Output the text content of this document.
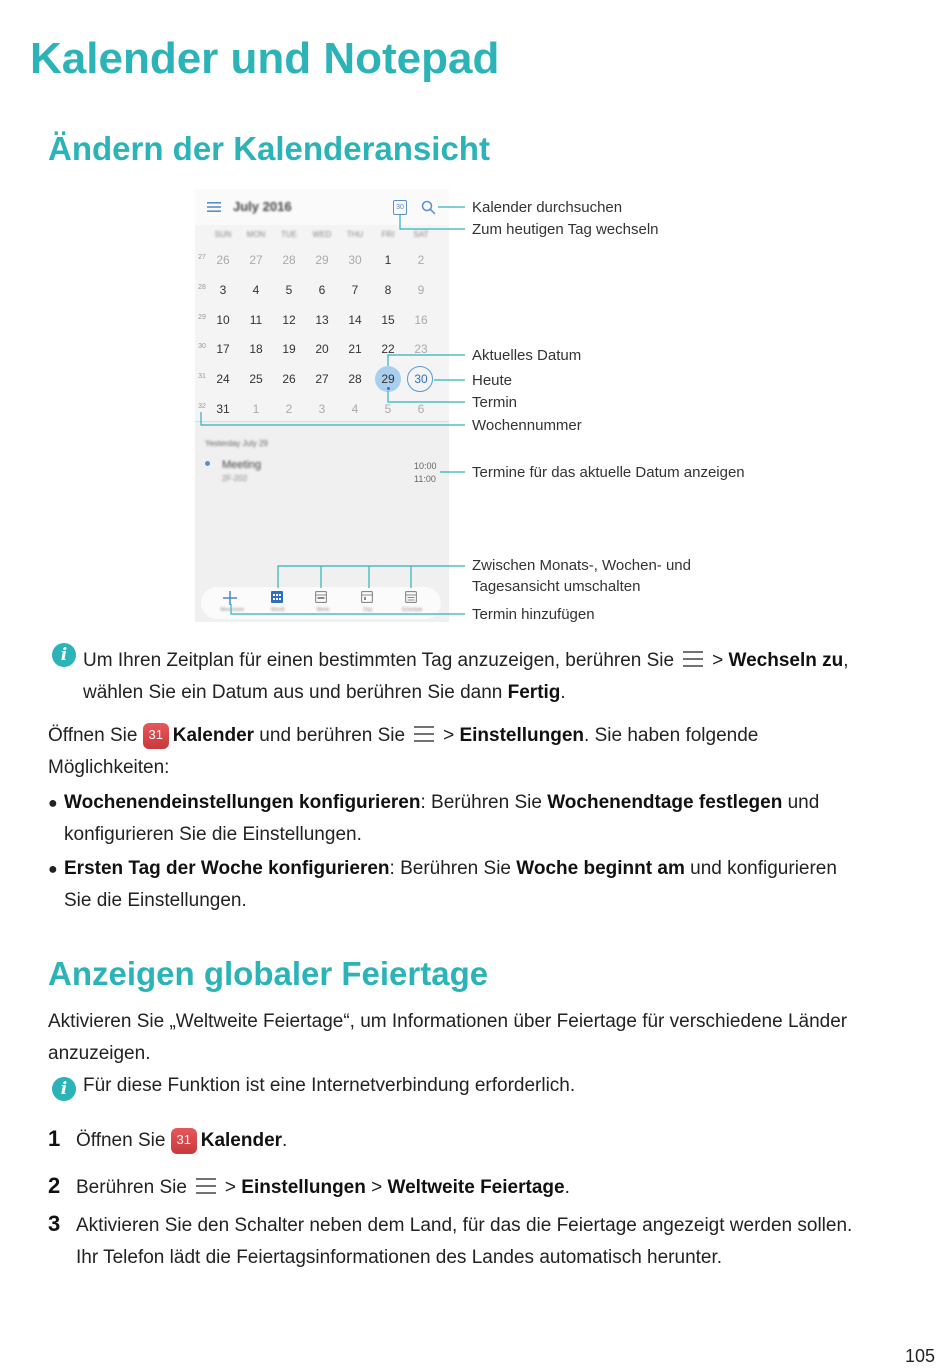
Kalender und Notepad
Ändern der Kalenderansicht
July 2016	30
SUN	MON	TUE	WED	THU	FRI	SAT
27 26	27	28	29	30	1	2
28	3	4	5	6	7	8	9
29 10	11	12	13	14	15	16
30 17	18	19	20	21	22	23
31 24	25	26	27	28	29	30
32 31	1	2	3	4	5	6
Yesterday July 29
Meeting
2F-202
10:00
11:00
New event	Month	Week	Day	Schedule
Kalender durchsuchen
Zum heutigen Tag wechseln
Aktuelles Datum
Heute
Termin
Wochennummer
Termine für das aktuelle Datum anzeigen
Zwischen Monats-, Wochen- und
Tagesansicht umschalten
Termin hinzufügen
i Um Ihren Zeitplan für einen bestimmten Tag anzuzeigen, berühren Sie > Wechseln zu,
wählen Sie ein Datum aus und berühren Sie dann Fertig.
Öffnen Sie 31 Kalender und berühren Sie > Einstellungen. Sie haben folgende
Möglichkeiten:
● Wochenendeinstellungen konfigurieren: Berühren Sie Wochenendtage festlegen und
konfigurieren Sie die Einstellungen.
● Ersten Tag der Woche konfigurieren: Berühren Sie Woche beginnt am und konfigurieren
Sie die Einstellungen.
Anzeigen globaler Feiertage
Aktivieren Sie „Weltweite Feiertage“, um Informationen über Feiertage für verschiedene Länder
anzuzeigen.
i Für diese Funktion ist eine Internetverbindung erforderlich.
1 Öffnen Sie 31 Kalender.
2 Berühren Sie > Einstellungen > Weltweite Feiertage.
3 Aktivieren Sie den Schalter neben dem Land, für das die Feiertage angezeigt werden sollen.
Ihr Telefon lädt die Feiertagsinformationen des Landes automatisch herunter.
105
